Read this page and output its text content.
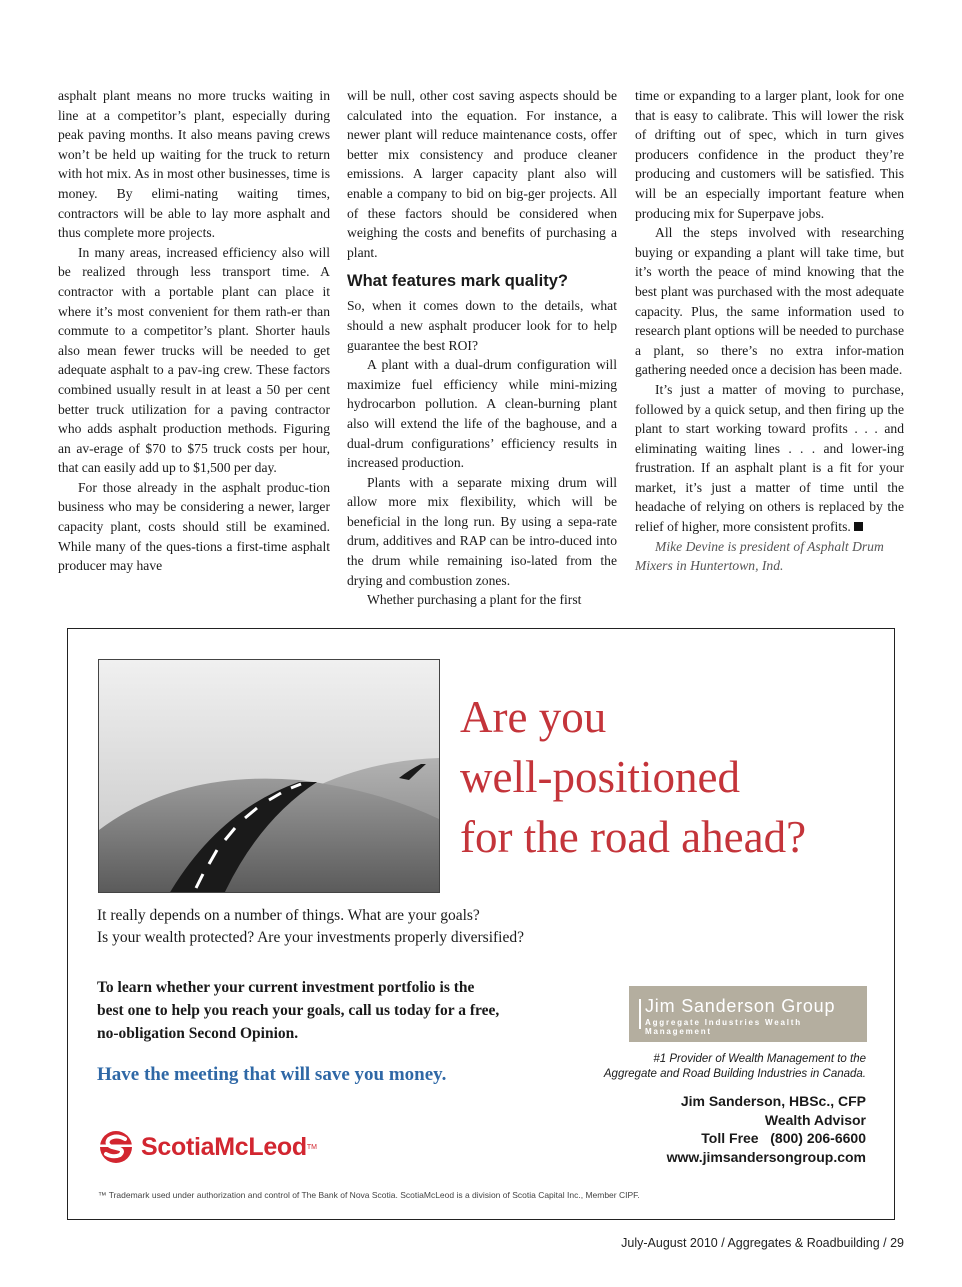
asphalt plant means no more trucks waiting in line at a competitor’s plant, especially during peak paving months. It also means paving crews won’t be held up waiting for the truck to return with hot mix. As in most other businesses, time is money. By elimi-nating waiting times, contractors will be able to lay more asphalt and thus complete more projects.

In many areas, increased efficiency also will be realized through less transport time. A contractor with a portable plant can place it where it’s most convenient for them rath-er than commute to a competitor’s plant. Shorter hauls also mean fewer trucks will be needed to get adequate asphalt to a pav-ing crew. These factors combined usually result in at least a 50 per cent better truck utilization for a paving contractor who adds asphalt production methods. Figuring an av-erage of $70 to $75 truck costs per hour, that can easily add up to $1,500 per day.

For those already in the asphalt produc-tion business who may be considering a newer, larger capacity plant, costs should still be examined. While many of the ques-tions a first-time asphalt producer may have

will be null, other cost saving aspects should be calculated into the equation. For instance, a newer plant will reduce maintenance costs, offer better mix consistency and produce cleaner emissions. A larger capacity plant also will enable a company to bid on big-ger projects. All of these factors should be considered when weighing the costs and benefits of purchasing a plant.

What features mark quality?

So, when it comes down to the details, what should a new asphalt producer look for to help guarantee the best ROI?

A plant with a dual-drum configuration will maximize fuel efficiency while mini-mizing hydrocarbon pollution. A clean-burning plant also will extend the life of the baghouse, and a dual-drum configurations’ efficiency results in increased production.

Plants with a separate mixing drum will allow more mix flexibility, which will be beneficial in the long run. By using a sepa-rate drum, additives and RAP can be intro-duced into the drum while remaining iso-lated from the drying and combustion zones.

Whether purchasing a plant for the first

time or expanding to a larger plant, look for one that is easy to calibrate. This will lower the risk of drifting out of spec, which in turn gives producers confidence in the product they’re producing and customers will be satisfied. This will be an especially important feature when producing mix for Superpave jobs.

All the steps involved with researching buying or expanding a plant will take time, but it’s worth the peace of mind knowing that the best plant was purchased with the most adequate capacity. Plus, the same information used to research plant options will be needed to purchase a plant, so there’s no extra infor-mation gathering needed once a decision has been made.

It’s just a matter of moving to purchase, followed by a quick setup, and then firing up the plant to start working toward profits . . . and eliminating waiting lines . . . and lower-ing frustration. If an asphalt plant is a fit for your market, it’s just a matter of time until the headache of relying on others is replaced by the relief of higher, more consistent profits.

Mike Devine is president of Asphalt Drum Mixers in Huntertown, Ind.

Are you
well-positioned
for the road ahead?
It really depends on a number of things. What are your goals?
Is your wealth protected? Are your investments properly diversified?
To learn whether your current investment portfolio is the
best one to help you reach your goals, call us today for a free,
no-obligation Second Opinion.
Have the meeting that will save you money.
Jim Sanderson Group
Aggregate Industries Wealth Management
#1 Provider of Wealth Management to the
Aggregate and Road Building Industries in Canada.
Jim Sanderson, HBSc., CFP
Wealth Advisor
Toll Free   (800) 206-6600
www.jimsandersongroup.com
ScotiaMcLeod TM
™ Trademark used under authorization and control of The Bank of Nova Scotia. ScotiaMcLeod is a division of Scotia Capital Inc., Member CIPF.
July-August 2010 / Aggregates & Roadbuilding / 29
